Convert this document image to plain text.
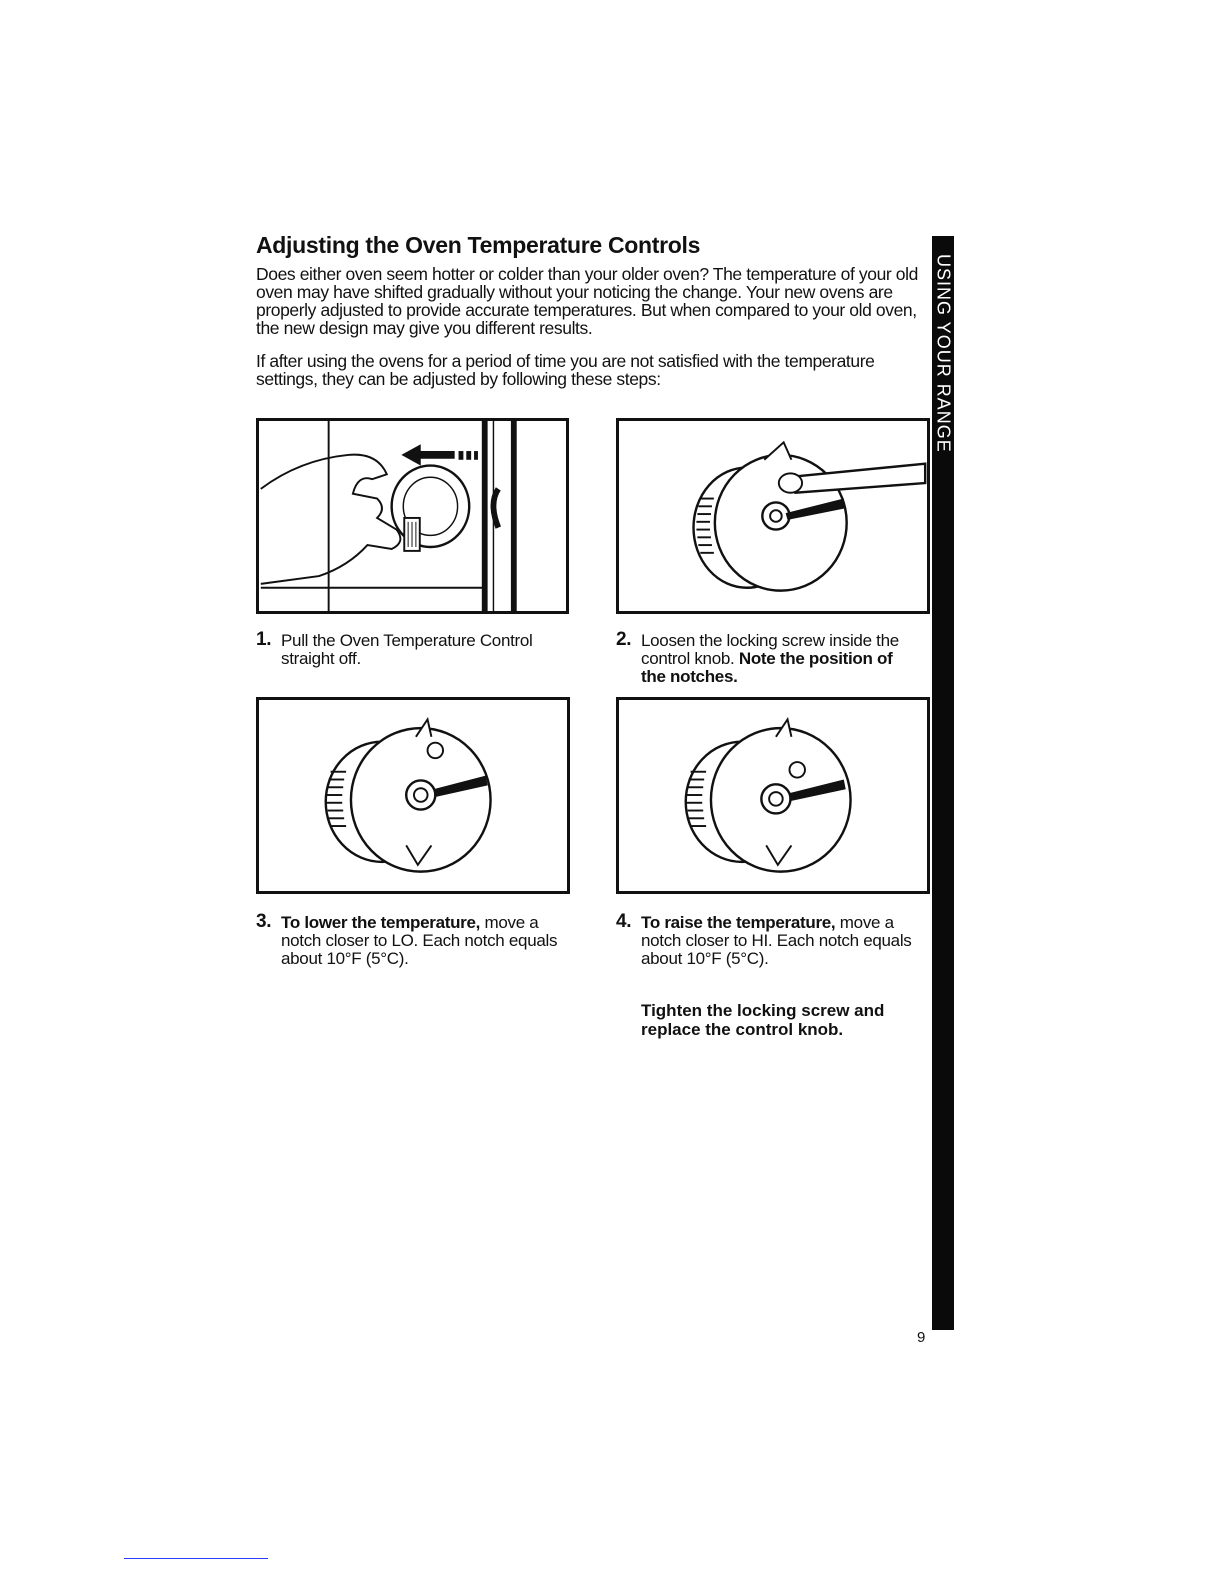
Adjusting the Oven Temperature Controls

Does either oven seem hotter or colder than your older oven? The temperature of your old oven may have shifted gradually without your noticing the change. Your new ovens are properly adjusted to provide accurate temperatures. But when compared to your old oven, the new design may give you different results.

If after using the ovens for a period of time you are not satisfied with the temperature settings, they can be adjusted by following these steps:	USING YOUR RANGE
1. Pull the Oven Temperature Control straight off.
2. Loosen the locking screw inside the control knob. Note the position of the notches.
3. To lower the temperature, move a notch closer to LO. Each notch equals about 10°F (5°C).
4. To raise the temperature, move a notch closer to HI. Each notch equals about 10°F (5°C).

Tighten the locking screw and replace the control knob.

9
